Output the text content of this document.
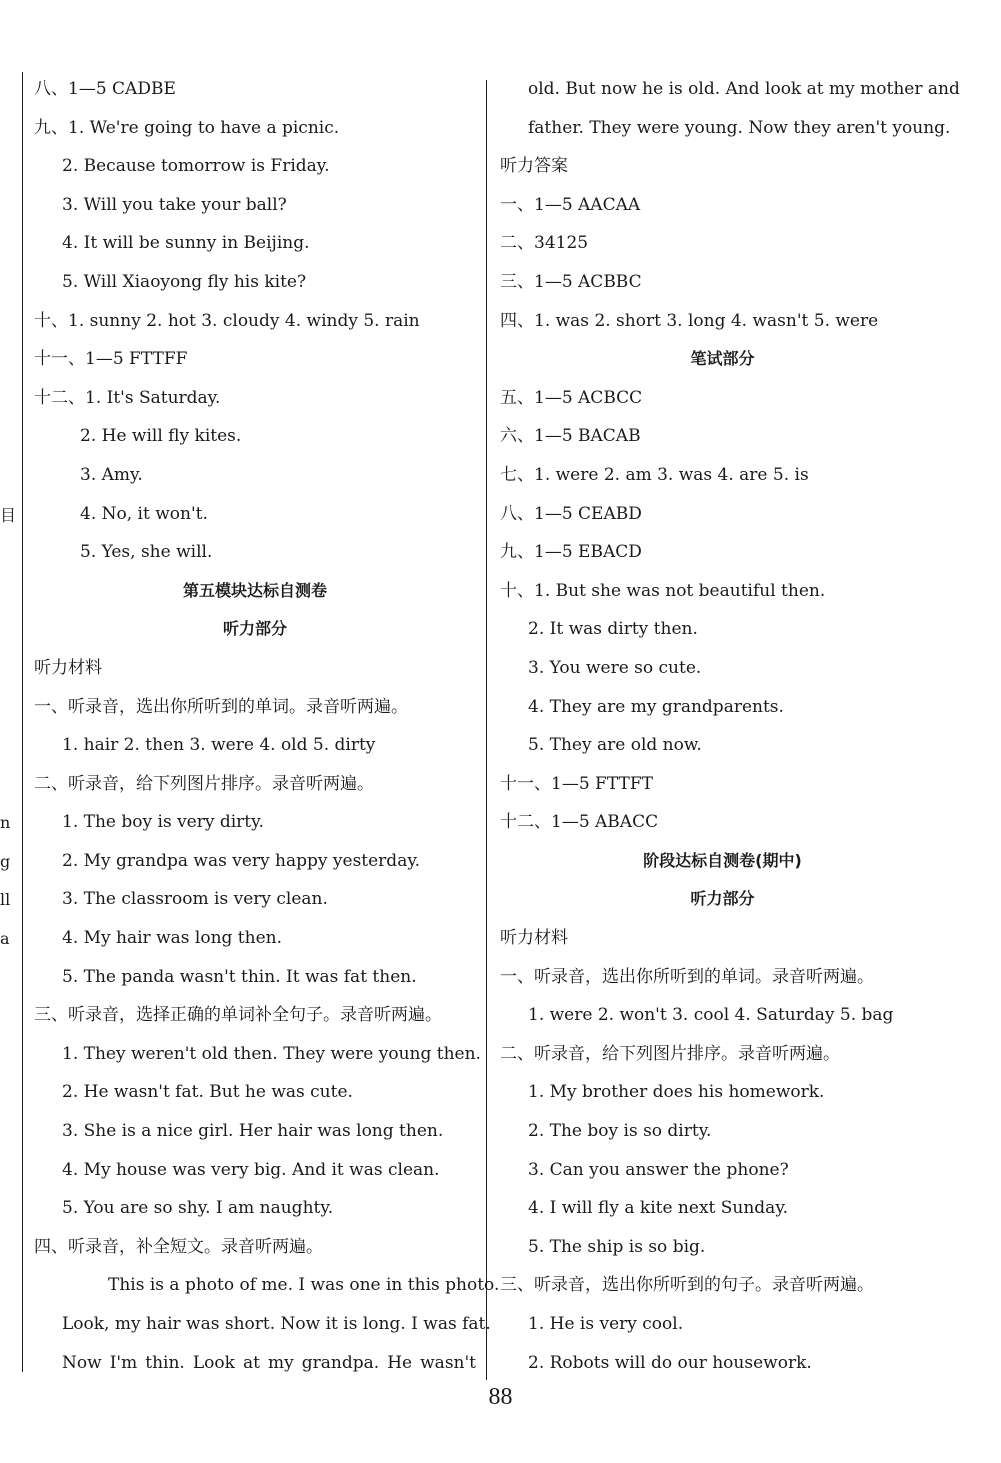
目
n
g
ll
a
八、1—5 CADBE
九、1. We're going to have a picnic.
2. Because tomorrow is Friday.
3. Will you take your ball?
4. It will be sunny in Beijing.
5. Will Xiaoyong fly his kite?
十、1. sunny 2. hot 3. cloudy 4. windy 5. rain
十一、1—5 FTTFF
十二、1. It's Saturday.
2. He will fly kites.
3. Amy.
4. No, it won't.
5. Yes, she will.
第五模块达标自测卷
听力部分
听力材料
一、听录音，选出你所听到的单词。录音听两遍。
1. hair 2. then 3. were 4. old 5. dirty
二、听录音，给下列图片排序。录音听两遍。
1. The boy is very dirty.
2. My grandpa was very happy yesterday.
3. The classroom is very clean.
4. My hair was long then.
5. The panda wasn't thin. It was fat then.
三、听录音，选择正确的单词补全句子。录音听两遍。
1. They weren't old then. They were young then.
2. He wasn't fat. But he was cute.
3. She is a nice girl. Her hair was long then.
4. My house was very big. And it was clean.
5. You are so shy. I am naughty.
四、听录音，补全短文。录音听两遍。
This is a photo of me. I was one in this photo.
Look, my hair was short. Now it is long. I was fat.
Now I'm thin. Look at my grandpa. He wasn't
old. But now he is old. And look at my mother and
father. They were young. Now they aren't young.
听力答案
一、1—5 AACAA
二、34125
三、1—5 ACBBC
四、1. was 2. short 3. long 4. wasn't 5. were
笔试部分
五、1—5 ACBCC
六、1—5 BACAB
七、1. were 2. am 3. was 4. are 5. is
八、1—5 CEABD
九、1—5 EBACD
十、1. But she was not beautiful then.
2. It was dirty then.
3. You were so cute.
4. They are my grandparents.
5. They are old now.
十一、1—5 FTTFT
十二、1—5 ABACC
阶段达标自测卷(期中)
听力部分
听力材料
一、听录音，选出你所听到的单词。录音听两遍。
1. were 2. won't 3. cool 4. Saturday 5. bag
二、听录音，给下列图片排序。录音听两遍。
1. My brother does his homework.
2. The boy is so dirty.
3. Can you answer the phone?
4. I will fly a kite next Sunday.
5. The ship is so big.
三、听录音，选出你所听到的句子。录音听两遍。
1. He is very cool.
2. Robots will do our housework.
88
